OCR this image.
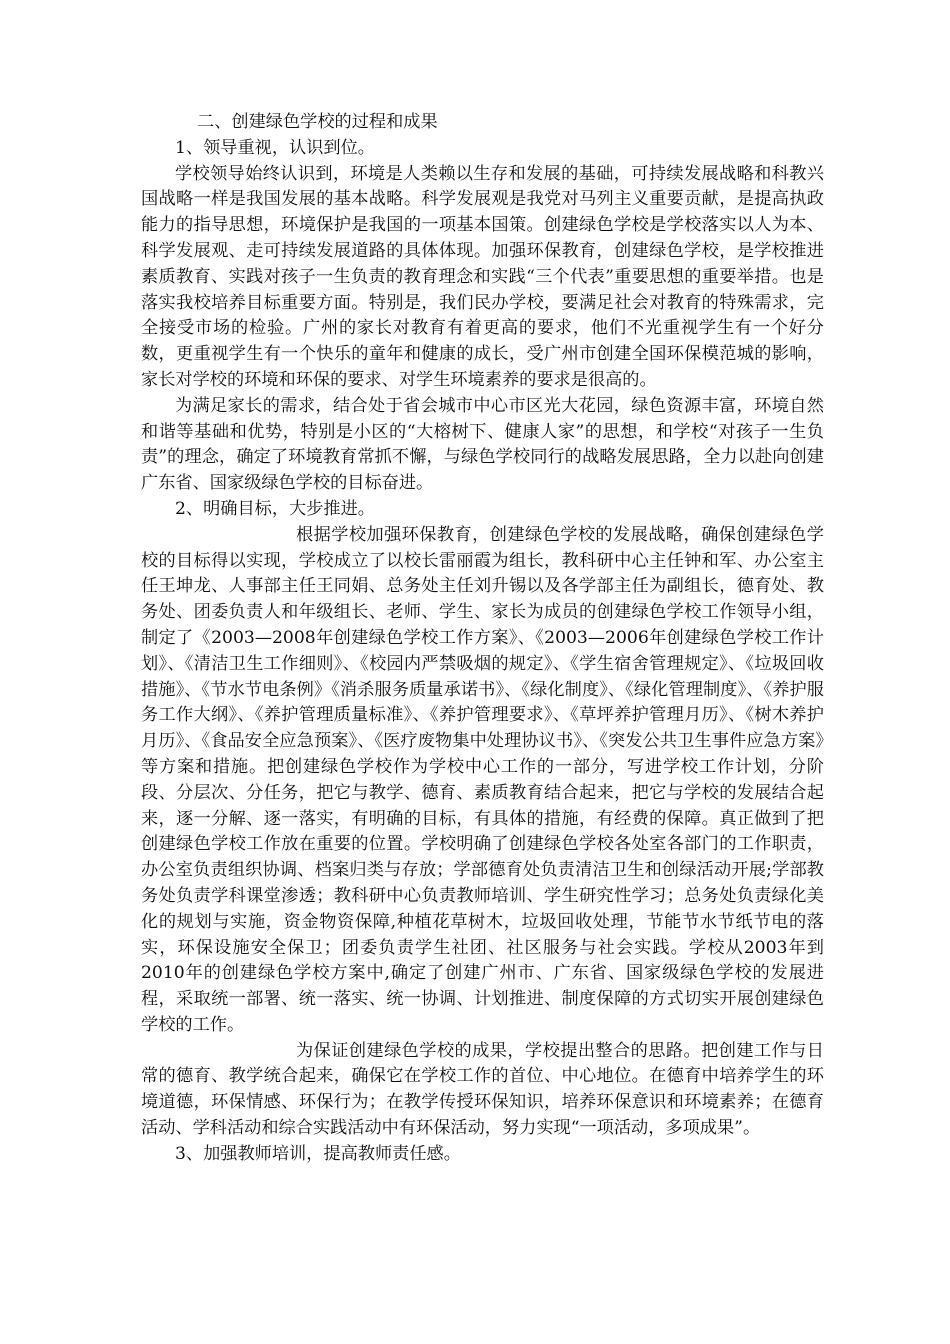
二、创建绿色学校的过程和成果

1、领导重视，认识到位。

学校领导始终认识到，环境是人类赖以生存和发展的基础，可持续发展战略和科教兴国战略一样是我国发展的基本战略。科学发展观是我党对马列主义重要贡献，是提高执政能力的指导思想，环境保护是我国的一项基本国策。创建绿色学校是学校落实以人为本、科学发展观、走可持续发展道路的具体体现。加强环保教育，创建绿色学校，是学校推进素质教育、实践对孩子一生负责的教育理念和实践“三个代表”重要思想的重要举措。也是落实我校培养目标重要方面。特别是，我们民办学校，要满足社会对教育的特殊需求，完全接受市场的检验。广州的家长对教育有着更高的要求，他们不光重视学生有一个好分数，更重视学生有一个快乐的童年和健康的成长，受广州市创建全国环保模范城的影响，家长对学校的环境和环保的要求、对学生环境素养的要求是很高的。

为满足家长的需求，结合处于省会城市中心市区光大花园，绿色资源丰富，环境自然和谐等基础和优势，特别是小区的“大榕树下、健康人家”的思想，和学校“对孩子一生负责”的理念，确定了环境教育常抓不懈，与绿色学校同行的战略发展思路，全力以赴向创建广东省、国家级绿色学校的目标奋进。

2、明确目标，大步推进。

根据学校加强环保教育，创建绿色学校的发展战略，确保创建绿色学校的目标得以实现，学校成立了以校长雷丽霞为组长，教科研中心主任钟和军、办公室主任王坤龙、人事部主任王同娟、总务处主任刘升锡以及各学部主任为副组长，德育处、教务处、团委负责人和年级组长、老师、学生、家长为成员的创建绿色学校工作领导小组，制定了《2003—2008年创建绿色学校工作方案》、《2003—2006年创建绿色学校工作计划》、《清洁卫生工作细则》、《校园内严禁吸烟的规定》、《学生宿舍管理规定》、《垃圾回收措施》、《节水节电条例》《消杀服务质量承诺书》、《绿化制度》、《绿化管理制度》、《养护服务工作大纲》、《养护管理质量标准》、《养护管理要求》、《草坪养护管理月历》、《树木养护月历》、《食品安全应急预案》、《医疗废物集中处理协议书》、《突发公共卫生事件应急方案》等方案和措施。把创建绿色学校作为学校中心工作的一部分，写进学校工作计划，分阶段、分层次、分任务，把它与教学、德育、素质教育结合起来，把它与学校的发展结合起来，逐一分解、逐一落实，有明确的目标，有具体的措施，有经费的保障。真正做到了把创建绿色学校工作放在重要的位置。学校明确了创建绿色学校各处室各部门的工作职责，办公室负责组织协调、档案归类与存放；学部德育处负责清洁卫生和创绿活动开展;学部教务处负责学科课堂渗透；教科研中心负责教师培训、学生研究性学习；总务处负责绿化美化的规划与实施，资金物资保障,种植花草树木，垃圾回收处理，节能节水节纸节电的落实，环保设施安全保卫；团委负责学生社团、社区服务与社会实践。学校从2003年到2010年的创建绿色学校方案中,确定了创建广州市、广东省、国家级绿色学校的发展进程，采取统一部署、统一落实、统一协调、计划推进、制度保障的方式切实开展创建绿色学校的工作。

为保证创建绿色学校的成果，学校提出整合的思路。把创建工作与日常的德育、教学统合起来，确保它在学校工作的首位、中心地位。在德育中培养学生的环境道德，环保情感、环保行为；在教学传授环保知识，培养环保意识和环境素养；在德育活动、学科活动和综合实践活动中有环保活动，努力实现“一项活动，多项成果”。

3、加强教师培训，提高教师责任感。
